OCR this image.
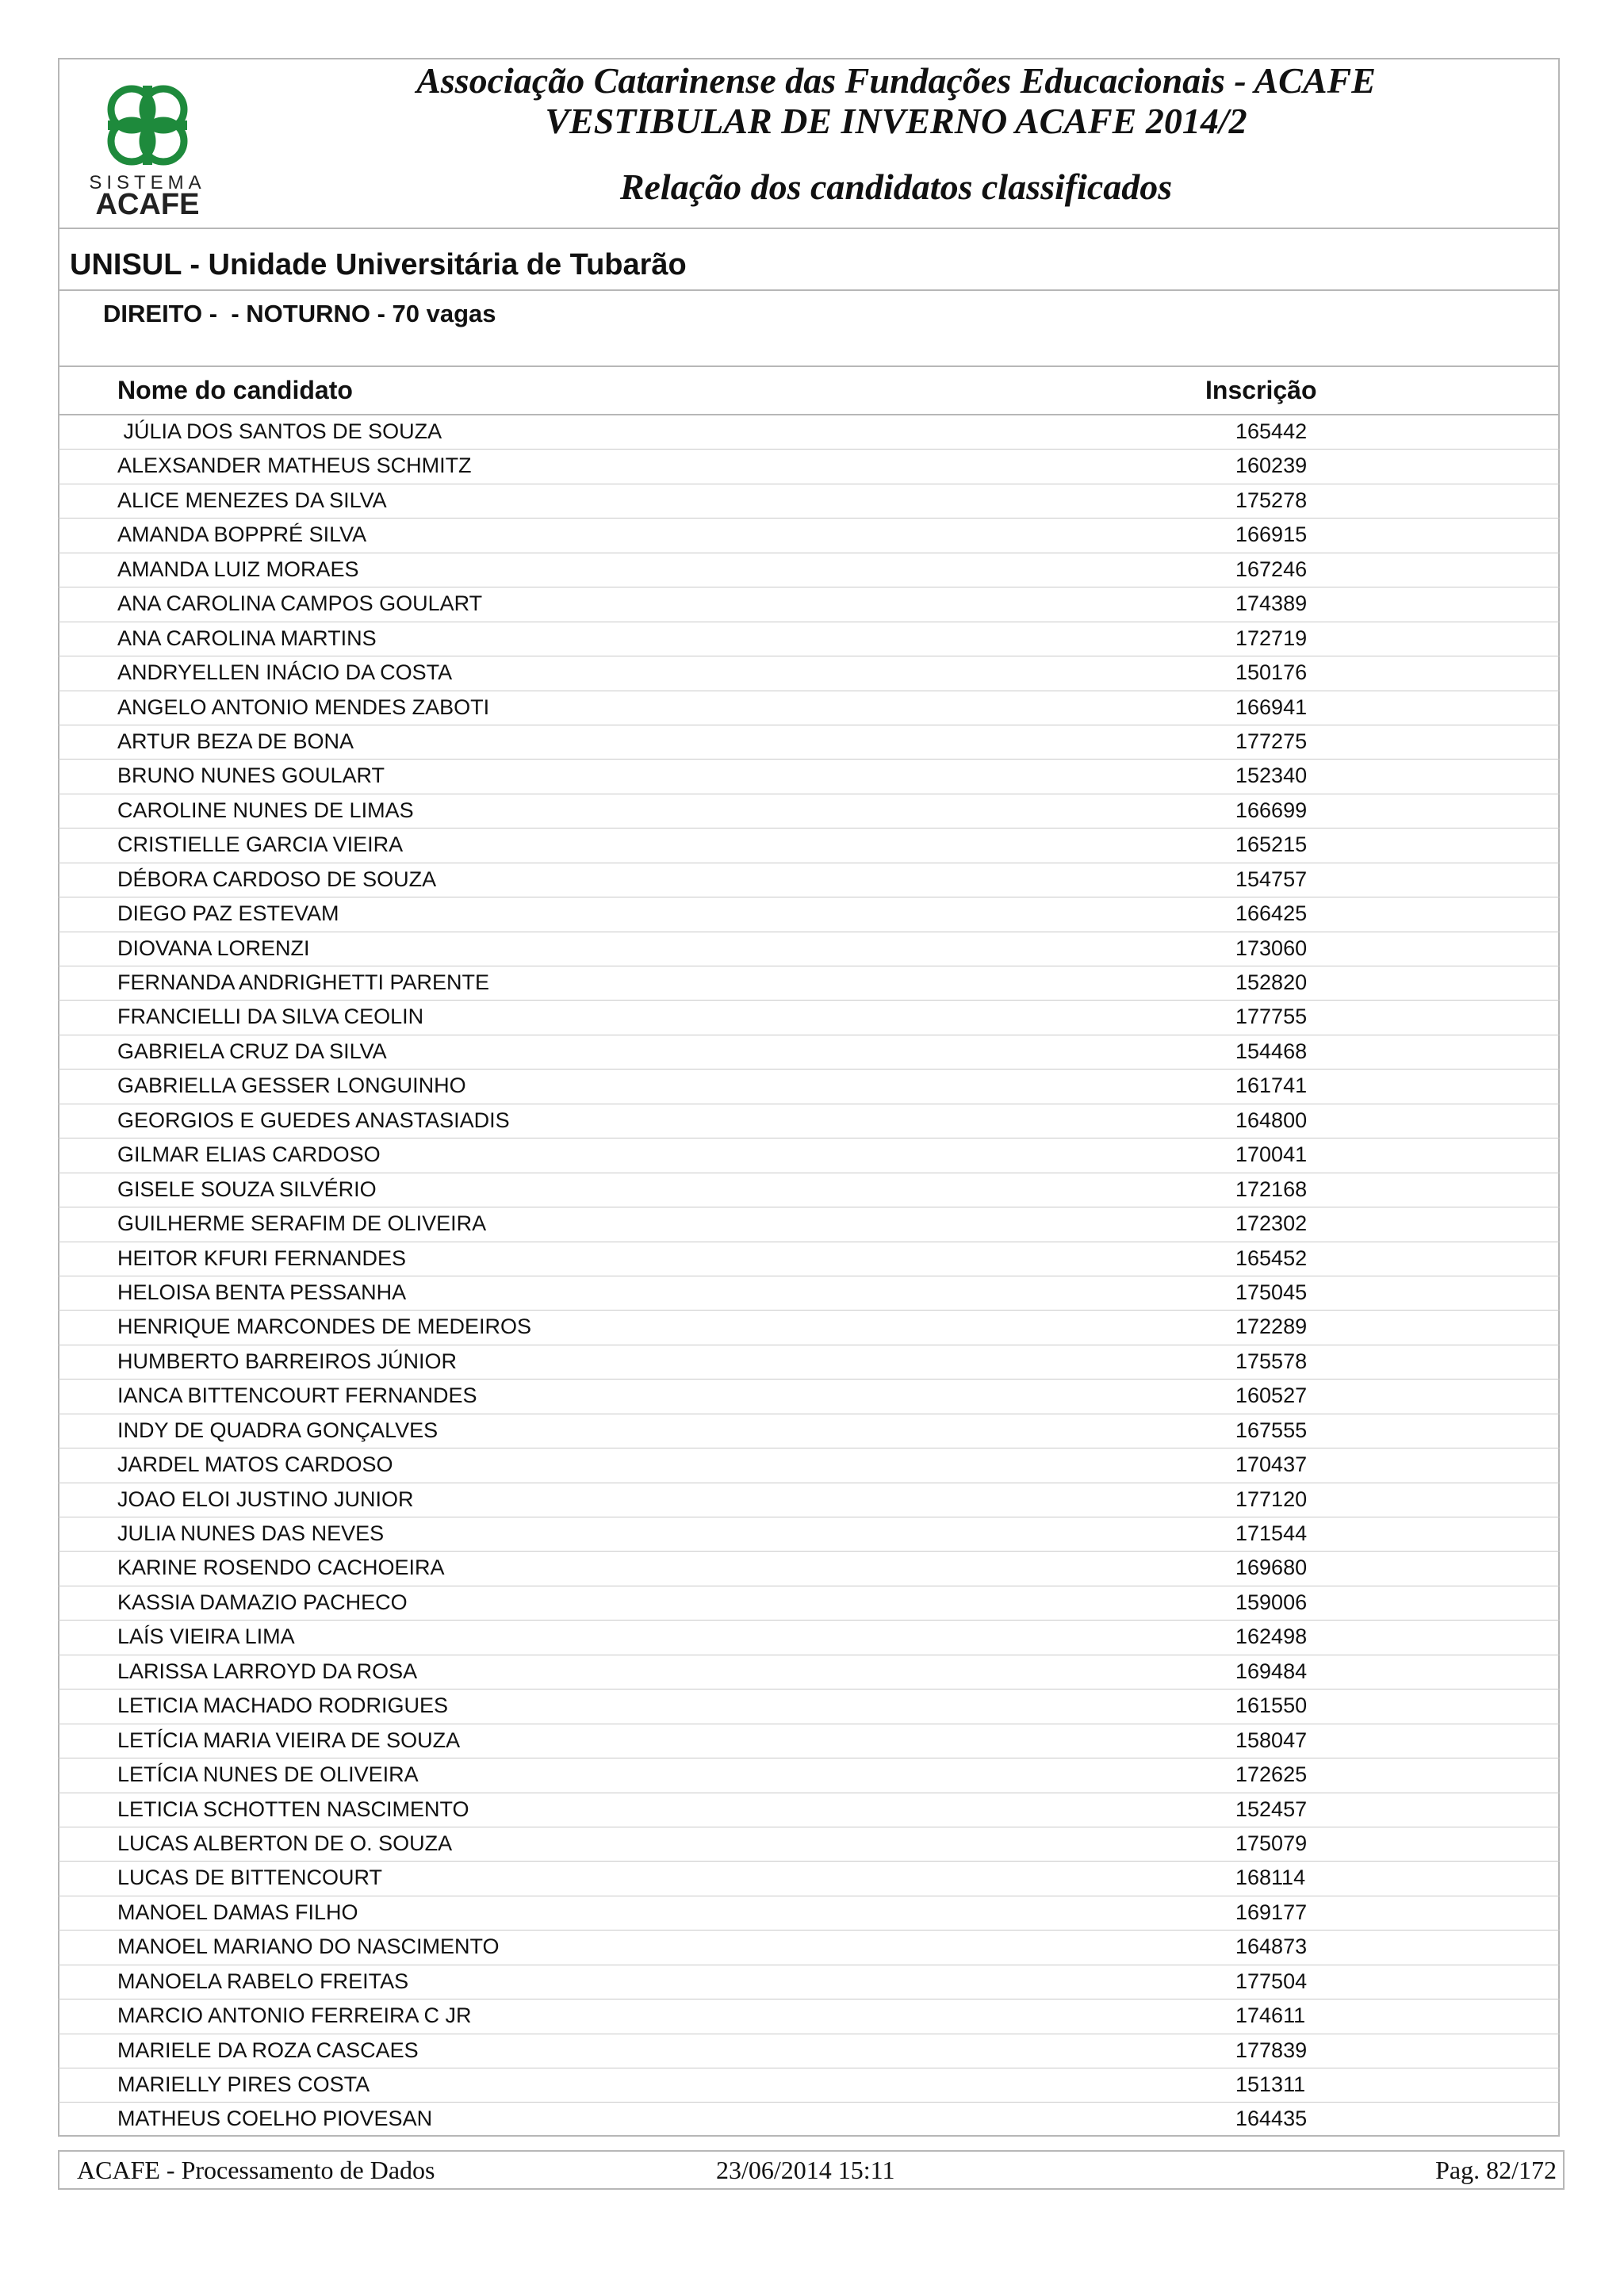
SISTEMA
ACAFE
Associação Catarinense das Fundações Educacionais - ACAFE
VESTIBULAR DE INVERNO ACAFE 2014/2
Relação dos candidatos classificados
UNISUL - Unidade Universitária de Tubarão
DIREITO -  - NOTURNO - 70 vagas
Nome do candidato	Inscrição
JÚLIA DOS SANTOS DE SOUZA	165442
ALEXSANDER MATHEUS SCHMITZ	160239
ALICE MENEZES DA SILVA	175278
AMANDA BOPPRÉ SILVA	166915
AMANDA LUIZ MORAES	167246
ANA CAROLINA CAMPOS GOULART	174389
ANA CAROLINA MARTINS	172719
ANDRYELLEN INÁCIO DA COSTA	150176
ANGELO ANTONIO MENDES ZABOTI	166941
ARTUR BEZA DE BONA	177275
BRUNO NUNES GOULART	152340
CAROLINE NUNES DE LIMAS	166699
CRISTIELLE GARCIA VIEIRA	165215
DÉBORA CARDOSO DE SOUZA	154757
DIEGO PAZ ESTEVAM	166425
DIOVANA LORENZI	173060
FERNANDA ANDRIGHETTI PARENTE	152820
FRANCIELLI DA SILVA CEOLIN	177755
GABRIELA CRUZ DA SILVA	154468
GABRIELLA GESSER LONGUINHO	161741
GEORGIOS E GUEDES ANASTASIADIS	164800
GILMAR ELIAS CARDOSO	170041
GISELE SOUZA SILVÉRIO	172168
GUILHERME SERAFIM DE OLIVEIRA	172302
HEITOR KFURI FERNANDES	165452
HELOISA BENTA PESSANHA	175045
HENRIQUE MARCONDES DE MEDEIROS	172289
HUMBERTO BARREIROS JÚNIOR	175578
IANCA BITTENCOURT FERNANDES	160527
INDY DE QUADRA GONÇALVES	167555
JARDEL MATOS CARDOSO	170437
JOAO ELOI JUSTINO JUNIOR	177120
JULIA NUNES DAS NEVES	171544
KARINE ROSENDO CACHOEIRA	169680
KASSIA DAMAZIO PACHECO	159006
LAÍS VIEIRA LIMA	162498
LARISSA LARROYD DA ROSA	169484
LETICIA MACHADO RODRIGUES	161550
LETÍCIA MARIA VIEIRA DE SOUZA	158047
LETÍCIA NUNES DE OLIVEIRA	172625
LETICIA SCHOTTEN NASCIMENTO	152457
LUCAS ALBERTON DE O. SOUZA	175079
LUCAS DE BITTENCOURT	168114
MANOEL DAMAS FILHO	169177
MANOEL MARIANO DO NASCIMENTO	164873
MANOELA RABELO FREITAS	177504
MARCIO ANTONIO FERREIRA C JR	174611
MARIELE DA ROZA CASCAES	177839
MARIELLY PIRES COSTA	151311
MATHEUS COELHO PIOVESAN	164435
ACAFE - Processamento de Dados	23/06/2014 15:11	Pag. 82/172
